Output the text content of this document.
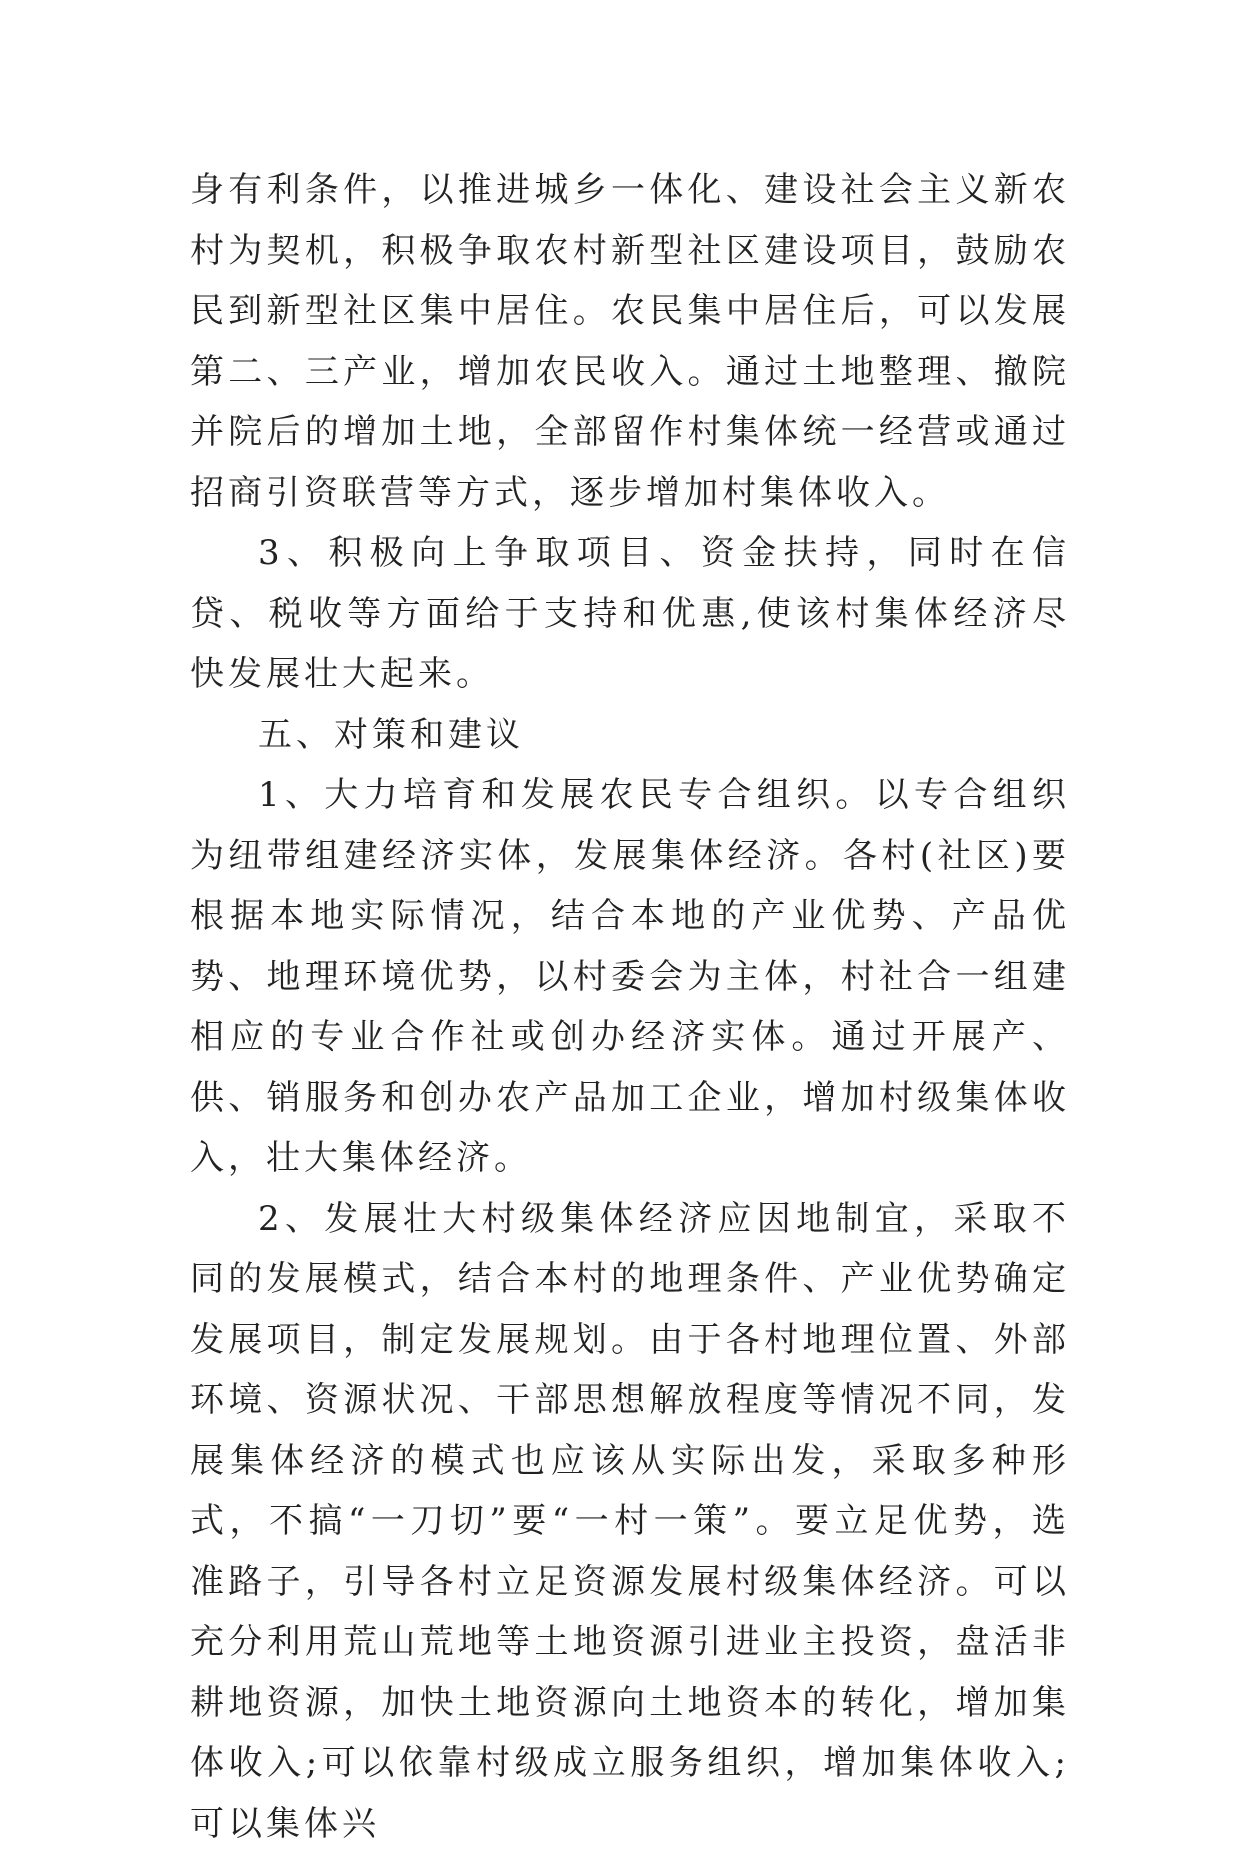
身有利条件，以推进城乡一体化、建设社会主义新农村为契机，积极争取农村新型社区建设项目，鼓励农民到新型社区集中居住。农民集中居住后，可以发展第二、三产业，增加农民收入。通过土地整理、撤院并院后的增加土地，全部留作村集体统一经营或通过招商引资联营等方式，逐步增加村集体收入。

3、积极向上争取项目、资金扶持，同时在信贷、税收等方面给于支持和优惠,使该村集体经济尽快发展壮大起来。

五、对策和建议

1、大力培育和发展农民专合组织。以专合组织为纽带组建经济实体，发展集体经济。各村(社区)要根据本地实际情况，结合本地的产业优势、产品优势、地理环境优势，以村委会为主体，村社合一组建相应的专业合作社或创办经济实体。通过开展产、供、销服务和创办农产品加工企业，增加村级集体收入，壮大集体经济。

2、发展壮大村级集体经济应因地制宜，采取不同的发展模式，结合本村的地理条件、产业优势确定发展项目，制定发展规划。由于各村地理位置、外部环境、资源状况、干部思想解放程度等情况不同，发展集体经济的模式也应该从实际出发，采取多种形式，不搞“一刀切”要“一村一策”。要立足优势，选准路子，引导各村立足资源发展村级集体经济。可以充分利用荒山荒地等土地资源引进业主投资，盘活非耕地资源，加快土地资源向土地资本的转化，增加集体收入;可以依靠村级成立服务组织，增加集体收入;可以集体兴
